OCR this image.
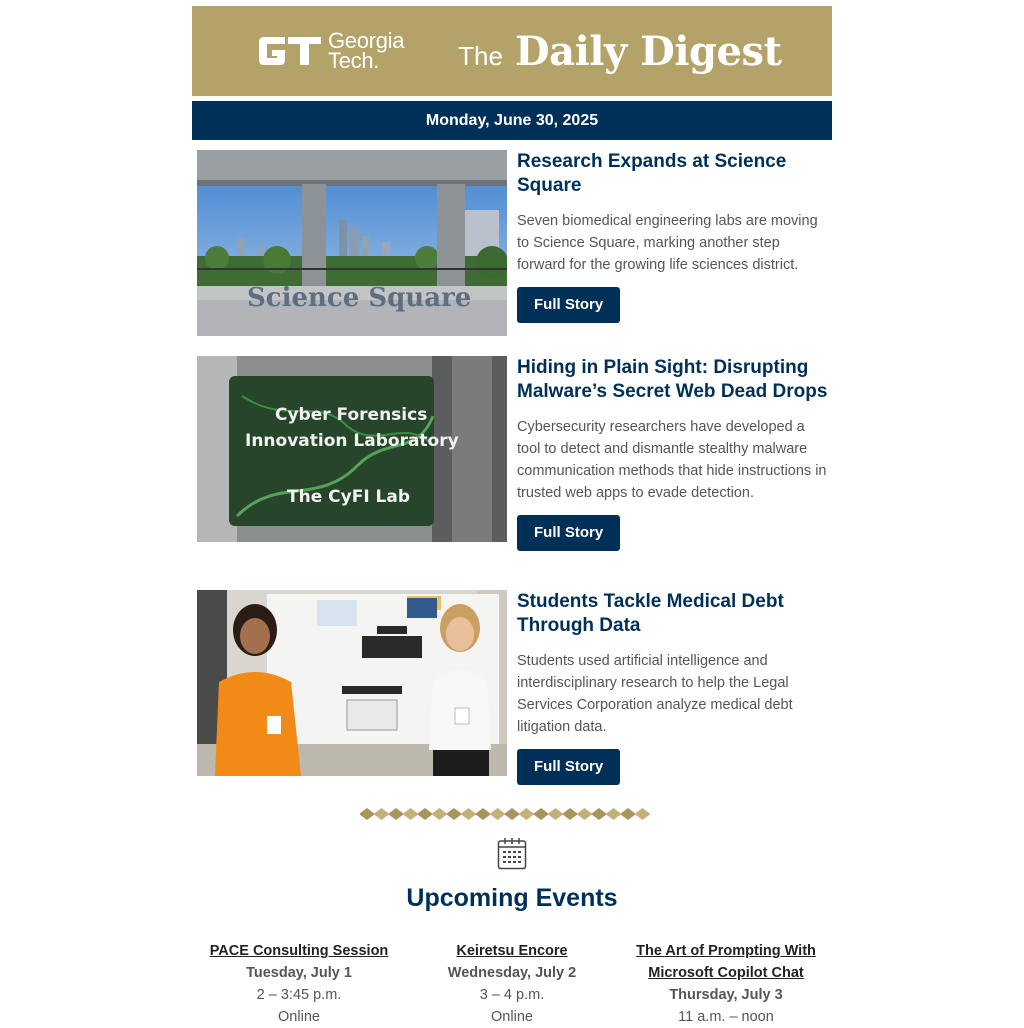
Georgia
Tech.	The Daily Digest
Monday, June 30, 2025
Science Square
Research Expands at Science Square

Seven biomedical engineering labs are moving to Science Square, marking another step forward for the growing life sciences district.

Full Story
Cyber Forensics
Innovation Laboratory
The CyFI Lab
Hiding in Plain Sight: Disrupting Malware’s Secret Web Dead Drops

Cybersecurity researchers have developed a tool to detect and dismantle stealthy malware communication methods that hide instructions in trusted web apps to evade detection.

Full Story
Students Tackle Medical Debt Through Data

Students used artificial intelligence and interdisciplinary research to help the Legal Services Corporation analyze medical debt litigation data.

Full Story
Upcoming Events
PACE Consulting Session
Tuesday, July 1
2 – 3:45 p.m.
Online
Keiretsu Encore
Wednesday, July 2
3 – 4 p.m.
Online
The Art of Prompting With Microsoft Copilot Chat
Thursday, July 3
11 a.m. – noon
